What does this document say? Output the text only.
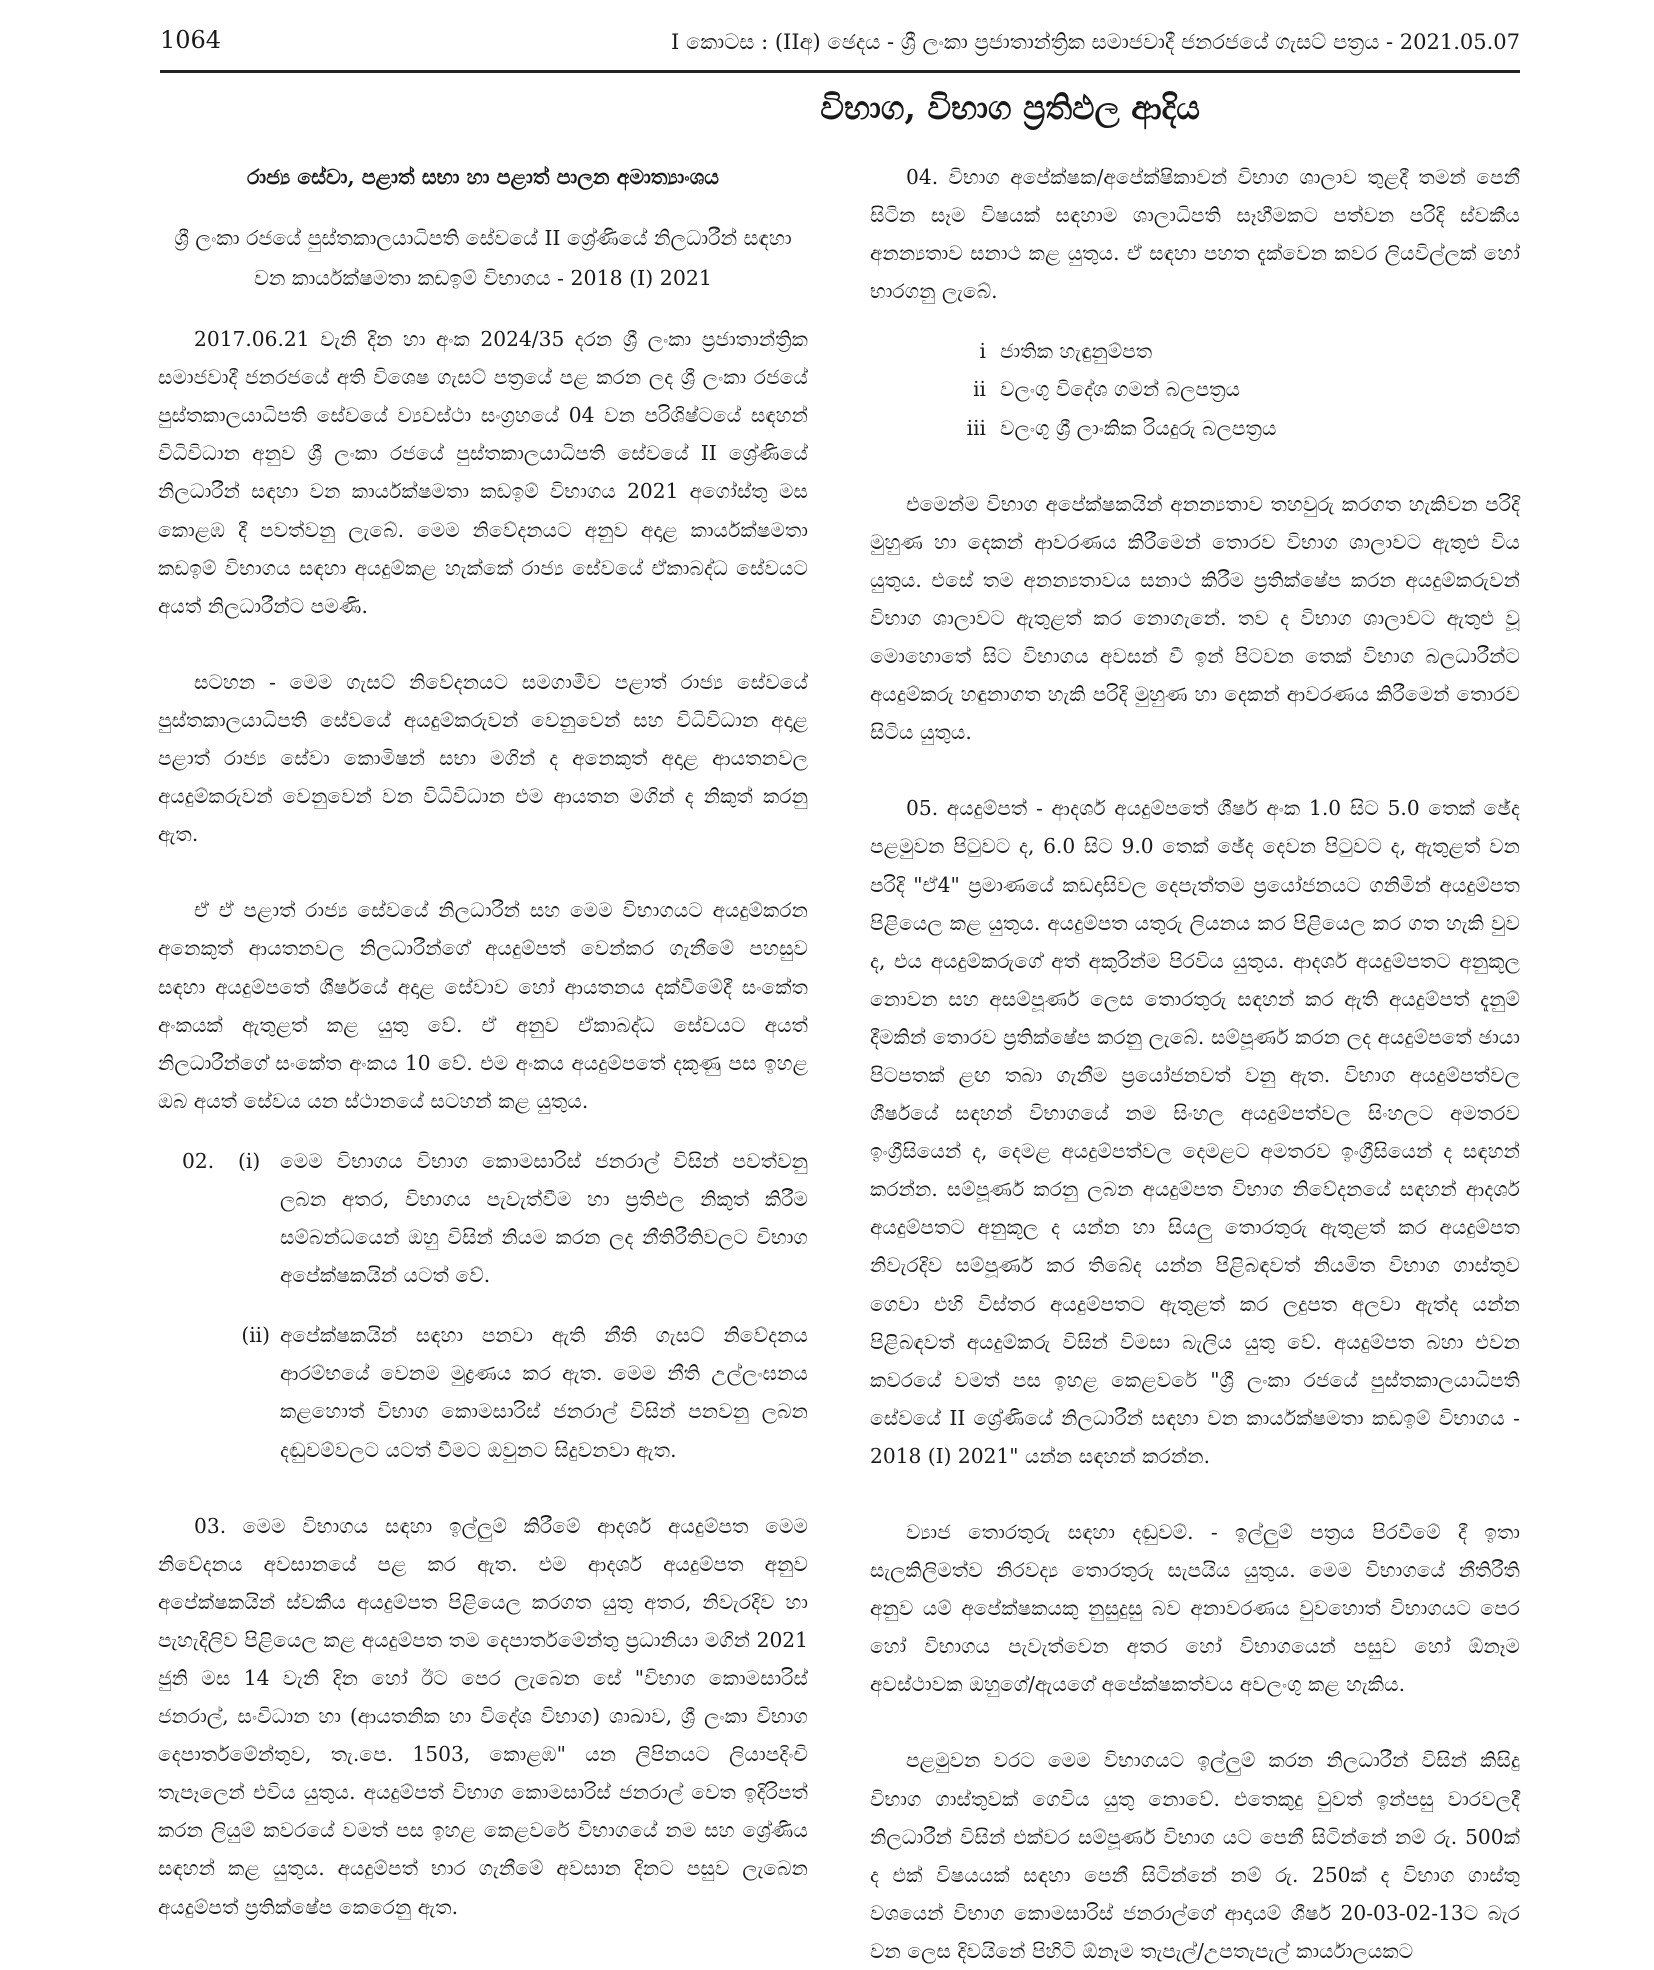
1064	I කොටස : (IIඅ) ඡෙදය - ශ්‍රී ලංකා ප්‍රජාතාන්ත්‍රික සමාජවාදී ජනරජයේ ගැසට් පත්‍රය - 2021.05.07
විභාග, විභාග ප්‍රතිඵල ආදිය
රාජ්‍ය සේවා, පළාත් සභා හා පළාත් පාලන අමාත්‍යාංශය
ශ්‍රී ලංකා රජයේ පුස්තකාලයාධිපති සේවයේ II ශ්‍රේණියේ නිලධාරීන් සඳහා වන කාර්යක්ෂමතා කඩඉම් විභාගය - 2018 (I) 2021

2017.06.21 වැනි දින හා අංක 2024/35 දරන ශ්‍රී ලංකා ප්‍රජාතාන්ත්‍රික සමාජවාදී ජනරජයේ අති විශෙෂ ගැසට් පත්‍රයේ පළ කරන ලද ශ්‍රී ලංකා රජයේ පුස්තකාලයාධිපති සේවයේ ව්‍යවස්ථා සංග්‍රහයේ 04 වන පරිශිෂ්ටයේ සඳහන් විධිවිධාන අනුව ශ්‍රී ලංකා රජයේ පුස්තකාලයාධිපති සේවයේ II ශ්‍රේණියේ නිලධාරීන් සඳහා වන කාර්යක්ෂමතා කඩඉම් විභාගය 2021 අගෝස්තු මස කොළඹ දී පවත්වනු ලැබේ. මෙම නිවේදනයට අනුව අදාළ කාර්යක්ෂමතා කඩඉම් විභාගය සඳහා අයදුම්කළ හැක්කේ රාජ්‍ය සේවයේ ඒකාබද්ධ සේවයට අයත් නිලධාරීන්ට පමණි.

සටහන - මෙම ගැසට් නිවේදනයට සමගාමීව පළාත් රාජ්‍ය සේවයේ පුස්තකාලයාධිපති සේවයේ අයදුම්කරුවන් වෙනුවෙන් සහ විධිවිධාන අදාළ පළාත් රාජ්‍ය සේවා කොමිෂන් සභා මගින් ද අනෙකුත් අදාළ ආයතනවල අයදුම්කරුවන් වෙනුවෙන් වන විධිවිධාන එම ආයතන මගින් ද නිකුත් කරනු ඇත.

ඒ ඒ පළාත් රාජ්‍ය සේවයේ නිලධාරීන් සහ මෙම විභාගයට අයදුම්කරන අනෙකුත් ආයතනවල නිලධාරීන්ගේ අයදුම්පත් වෙන්කර ගැනීමේ පහසුව සඳහා අයදුම්පතේ ශීර්ෂයේ අදාළ සේවාව හෝ ආයතනය දක්වීමේදී සංකේත අංකයක් ඇතුළත් කළ යුතු වේ. ඒ අනුව ඒකාබද්ධ සේවයට අයත් නිලධාරීන්ගේ සංකේත අංකය 10 වේ. එම අංකය අයදුම්පතේ දකුණු පස ඉහළ ඔබ අයත් සේවය යන ස්ථානයේ සටහන් කළ යුතුය.

02.	(i) මෙම විභාගය විභාග කොමසාරිස් ජනරාල් විසින් පවත්වනු ලබන අතර, විභාගය පැවැත්වීම හා ප්‍රතිඵල නිකුත් කිරීම සම්බන්ධයෙන් ඔහු විසින් නියම කරන ලද නීතිරීතිවලට විභාග අපේක්ෂකයින් යටත් වේ.
(ii) අපේක්ෂකයින් සඳහා පනවා ඇති නීති ගැසට් නිවේදනය ආරම්භයේ වෙනම මුද්‍රණය කර ඇත. මෙම නීති උල්ලංඝනය කළහොත් විභාග කොමසාරිස් ජනරාල් විසින් පනවනු ලබන දඬුවම්වලට යටත් වීමට ඔවුනට සිදුවනවා ඇත.

03. මෙම විභාගය සඳහා ඉල්ලුම් කිරීමේ ආදර්ශ අයදුම්පත මෙම නිවේදනය අවසානයේ පළ කර ඇත. එම ආදර්ශ අයදුම්පත අනුව අපේක්ෂකයින් ස්වකීය අයදුම්පත පිළියෙල කරගත යුතු අතර, නිවැරදිව හා පැහැදිලිව පිළියෙල කළ අයදුම්පත තම දෙපාර්තමේන්තු ප්‍රධානියා මගින් 2021 ජුනි මස 14 වැනි දින හෝ ඊට පෙර ලැබෙන සේ "විභාග කොමසාරිස් ජනරාල්, සංවිධාන හා (ආයතනික හා විදේශ විභාග) ශාඛාව, ශ්‍රී ලංකා විභාග දෙපාර්තමේන්තුව, තැ.පෙ. 1503, කොළඹ" යන ලිපිනයට ලියාපදිංචි තැපෑලෙන් එවිය යුතුය. අයදුම්පත් විභාග කොමසාරිස් ජනරාල් වෙත ඉදිරිපත් කරන ලියුම් කවරයේ වමත් පස ඉහළ කෙළවරේ විභාගයේ නම සහ ශ්‍රේණිය සඳහන් කළ යුතුය. අයදුම්පත් භාර ගැනීමේ අවසාන දිනට පසුව ලැබෙන අයදුම්පත් ප්‍රතික්ෂේප කෙරෙනු ඇත.

04. විභාග අපේක්ෂක/අපේක්ෂිකාවන් විභාග ශාලාව තුළදී තමන් පෙනී සිටින සෑම විෂයක් සඳහාම ශාලාධිපති සෑහීමකට පත්වන පරිදි ස්වකීය අනන්‍යතාව සනාථ කළ යුතුය. ඒ සඳහා පහත දැක්වෙන කවර ලියවිල්ලක් හෝ භාරගනු ලැබේ.

i ජාතික හැඳුනුම්පත
ii වලංගු විදේශ ගමන් බලපත්‍රය
iii වලංගු ශ්‍රී ලාංකික රියදුරු බලපත්‍රය

එමෙන්ම විභාග අපේක්ෂකයින් අනන්‍යතාව තහවුරු කරගත හැකිවන පරිදි මුහුණ හා දෙකන් ආවරණය කිරීමෙන් තොරව විභාග ශාලාවට ඇතුළු විය යුතුය. එසේ තම අනන්‍යතාවය සනාථ කිරීම ප්‍රතික්ෂේප කරන අයදුම්කරුවන් විභාග ශාලාවට ඇතුළත් කර නොගැනේ. තව ද විභාග ශාලාවට ඇතුළු වූ මොහොතේ සිට විභාගය අවසන් වී ඉන් පිටවන තෙක් විභාග බලධාරීන්ට අයදුම්කරු හඳුනාගත හැකි පරිදි මුහුණ හා දෙකන් ආවරණය කිරීමෙන් තොරව සිටිය යුතුය.

05. අයදුම්පත් - ආදර්ශ අයදුම්පතේ ශීර්ෂ අංක 1.0 සිට 5.0 තෙක් ඡේද පළමුවන පිටුවට ද, 6.0 සිට 9.0 තෙක් ඡේද දෙවන පිටුවට ද, ඇතුළත් වන පරිදි "ඒ4" ප්‍රමාණයේ කඩදාසිවල දෙපැත්තම ප්‍රයෝජනයට ගනිමින් අයදුම්පත පිළියෙල කළ යුතුය. අයදුම්පත යතුරු ලියනය කර පිළියෙල කර ගත හැකි වුව ද, එය අයදුම්කරුගේ අත් අකුරින්ම පිරවිය යුතුය. ආදර්ශ අයදුම්පතට අනුකූල නොවන සහ අසම්පූර්ණ ලෙස තොරතුරු සඳහන් කර ඇති අයදුම්පත් දැනුම් දීමකින් තොරව ප්‍රතික්ෂේප කරනු ලැබේ. සම්පූර්ණ කරන ලද අයදුම්පතේ ඡායා පිටපතක් ළඟ තබා ගැනීම ප්‍රයෝජනවත් වනු ඇත. විභාග අයදුම්පත්වල ශීර්ෂයේ සඳහන් විභාගයේ නම සිංහල අයදුම්පත්වල සිංහලට අමතරව ඉංග්‍රීසියෙන් ද, දෙමළ අයදුම්පත්වල දෙමළට අමතරව ඉංග්‍රීසියෙන් ද සඳහන් කරන්න. සම්පූර්ණ කරනු ලබන අයදුම්පත විභාග නිවේදනයේ සඳහන් ආදර්ශ අයදුම්පතට අනුකූල ද යන්න හා සියලු තොරතුරු ඇතුළත් කර අයදුම්පත නිවැරදිව සම්පූර්ණ කර තිබේද යන්න පිළිබඳවත් නියමිත විභාග ගාස්තුව ගෙවා එහි විස්තර අයදුම්පතට ඇතුළත් කර ලදුපත අලවා ඇත්ද යන්න පිළිබඳවත් අයදුම්කරු විසින් විමසා බැලිය යුතු වේ. අයදුම්පත බහා එවන කවරයේ වමත් පස ඉහළ කෙළවරේ "ශ්‍රී ලංකා රජයේ පුස්තකාලයාධිපති සේවයේ II ශ්‍රේණියේ නිලධාරීන් සඳහා වන කාර්යක්ෂමතා කඩඉම් විභාගය - 2018 (I) 2021" යන්න සඳහන් කරන්න.

ව්‍යාජ තොරතුරු සඳහා දඬුවම්. - ඉල්ලුම් පත්‍රය පිරවීමේ දී ඉතා සැලකිලිමත්ව නිරවද්‍ය තොරතුරු සැපයිය යුතුය. මෙම විභාගයේ නීතිරීති අනුව යම් අපේක්ෂකයකු නුසුදුසු බව අනාවරණය වුවහොත් විභාගයට පෙර හෝ විභාගය පැවැත්වෙන අතර හෝ විභාගයෙන් පසුව හෝ ඕනෑම අවස්ථාවක ඔහුගේ/ඇයගේ අපේක්ෂකත්වය අවලංගු කළ හැකිය.

පළමුවන වරට මෙම විභාගයට ඉල්ලුම් කරන නිලධාරීන් විසින් කිසිදු විභාග ගාස්තුවක් ගෙවිය යුතු නොවේ. එතෙකුදු වුවත් ඉන්පසු වාරවලදී නිලධාරීන් විසින් එක්වර සම්පූර්ණ විභාග යට පෙනී සිටින්නේ නම් රු. 500ක් ද එක් විෂයයක් සඳහා පෙනී සිටින්නේ නම් රු. 250ක් ද විභාග ගාස්තු වශයෙන් විභාග කොමසාරිස් ජනරාල්ගේ ආදායම් ශීර්ෂ 20-03-02-13ට බැර වන ලෙස දිවයිනේ පිහිටි ඕනෑම තැපැල්/උපතැපැල් කාර්යාලයකට
